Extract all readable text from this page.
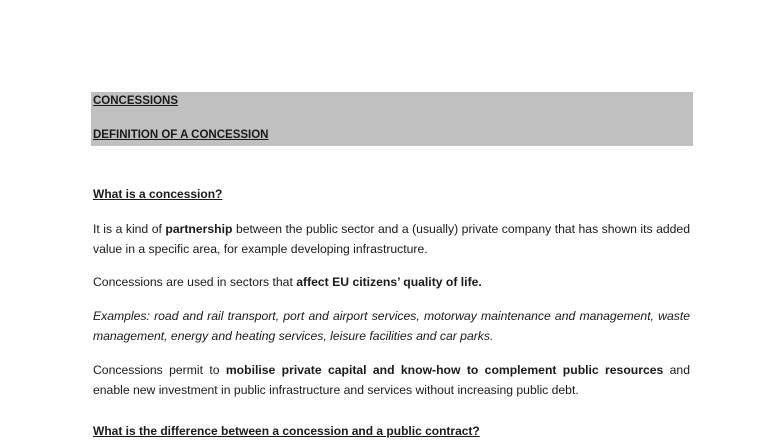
CONCESSIONS
DEFINITION OF A CONCESSION
What is a concession?
It is a kind of partnership between the public sector and a (usually) private company that has shown its added value in a specific area, for example developing infrastructure.
Concessions are used in sectors that affect EU citizens’ quality of life.
Examples: road and rail transport, port and airport services, motorway maintenance and management, waste management, energy and heating services, leisure facilities and car parks.
Concessions permit to mobilise private capital and know-how to complement public resources and enable new investment in public infrastructure and services without increasing public debt.
What is the difference between a concession and a public contract?
